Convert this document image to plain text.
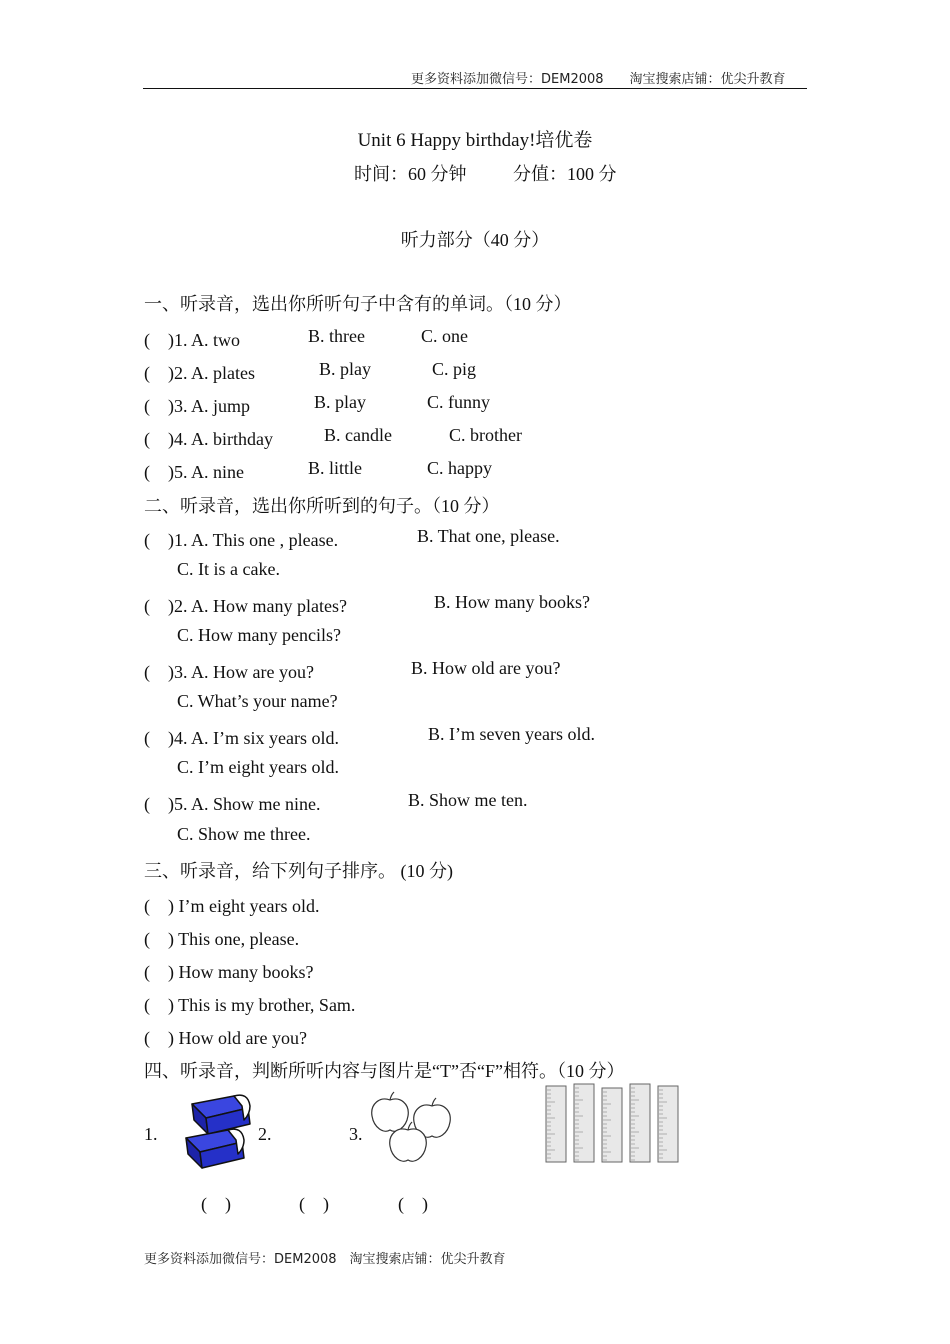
更多资料添加微信号：DEM2008　　淘宝搜索店铺：优尖升教育
Unit 6 Happy birthday!培优卷
时间：60 分钟	分值：100 分
听力部分（40 分）
一、听录音，选出你所听句子中含有的单词。（10 分）
(　)1. A. two	B. three	C. one
(　)2. A. plates	B. play	C. pig
(　)3. A. jump	B. play	C. funny
(　)4. A. birthday	B. candle	C. brother
(　)5. A. nine	B. little	C. happy
二、听录音，选出你所听到的句子。（10 分）
(　)1. A. This one , please.	B. That one, please.
C. It is a cake.
(　)2. A. How many plates?	B. How many books?
C. How many pencils?
(　)3. A. How are you?	B. How old are you?
C. What’s your name?
(　)4. A. I’m six years old.	B. I’m seven years old.
C. I’m eight years old.
(　)5. A. Show me nine.	B. Show me ten.
C. Show me three.
三、听录音，给下列句子排序。 (10 分)
(　) I’m eight years old.
(　) This one, please.
(　) How many books?
(　) This is my brother, Sam.
(　) How old are you?
四、听录音，判断所听内容与图片是“T”否“F”相符。（10 分）
1.	2.	3.
(　)	(　)	(　)
更多资料添加微信号：DEM2008　淘宝搜索店铺：优尖升教育
